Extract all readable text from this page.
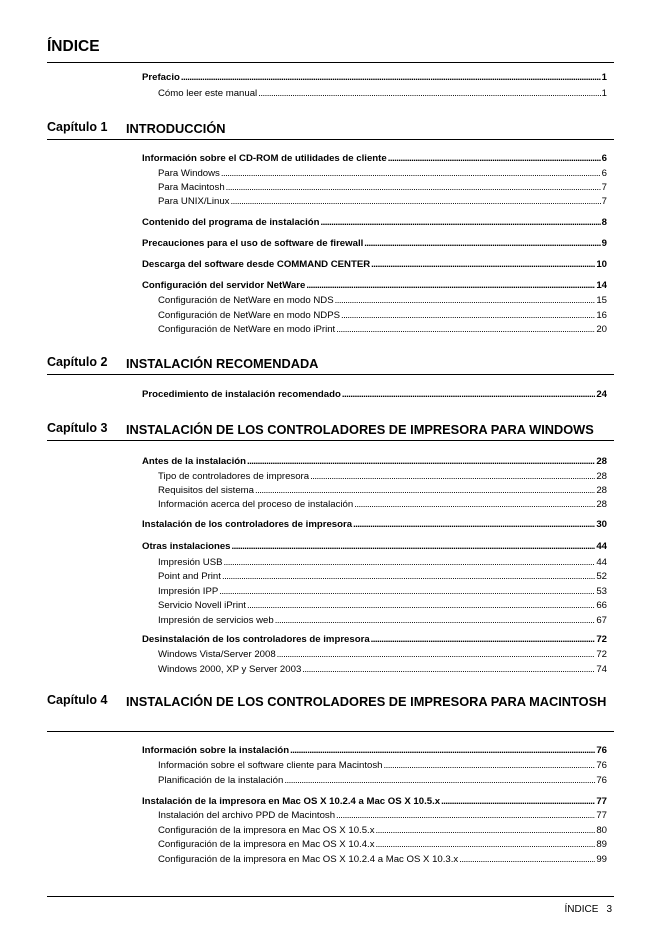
ÍNDICE
Prefacio . . .	1
Cómo leer este manual . . .	1
Capítulo 1 INTRODUCCIÓN
Información sobre el CD-ROM de utilidades de cliente . . .	6
Para Windows . . .	6
Para Macintosh . . .	7
Para UNIX/Linux . . .	7
Contenido del programa de instalación . . .	8
Precauciones para el uso de software de firewall . . .	9
Descarga del software desde COMMAND CENTER . . .	10
Configuración del servidor NetWare . . .	14
Configuración de NetWare en modo NDS . . .	15
Configuración de NetWare en modo NDPS . . .	16
Configuración de NetWare en modo iPrint . . .	20
Capítulo 2 INSTALACIÓN RECOMENDADA
Procedimiento de instalación recomendado . . .	24
Capítulo 3 INSTALACIÓN DE LOS CONTROLADORES DE IMPRESORA PARA WINDOWS
Antes de la instalación . . .	28
Tipo de controladores de impresora . . .	28
Requisitos del sistema . . .	28
Información acerca del proceso de instalación . . .	28
Instalación de los controladores de impresora . . .	30
Otras instalaciones . . .	44
Impresión USB . . .	44
Point and Print . . .	52
Impresión IPP . . .	53
Servicio Novell iPrint . . .	66
Impresión de servicios web . . .	67
Desinstalación de los controladores de impresora . . .	72
Windows Vista/Server 2008 . . .	72
Windows 2000, XP y Server 2003 . . .	74
Capítulo 4 INSTALACIÓN DE LOS CONTROLADORES DE IMPRESORA PARA MACINTOSH
Información sobre la instalación . . .	76
Información sobre el software cliente para Macintosh . . .	76
Planificación de la instalación . . .	76
Instalación de la impresora en Mac OS X 10.2.4 a Mac OS X 10.5.x . . .	77
Instalación del archivo PPD de Macintosh . . .	77
Configuración de la impresora en Mac OS X 10.5.x . . .	80
Configuración de la impresora en Mac OS X 10.4.x . . .	89
Configuración de la impresora en Mac OS X 10.2.4 a Mac OS X 10.3.x . . .	99
ÍNDICE 3
